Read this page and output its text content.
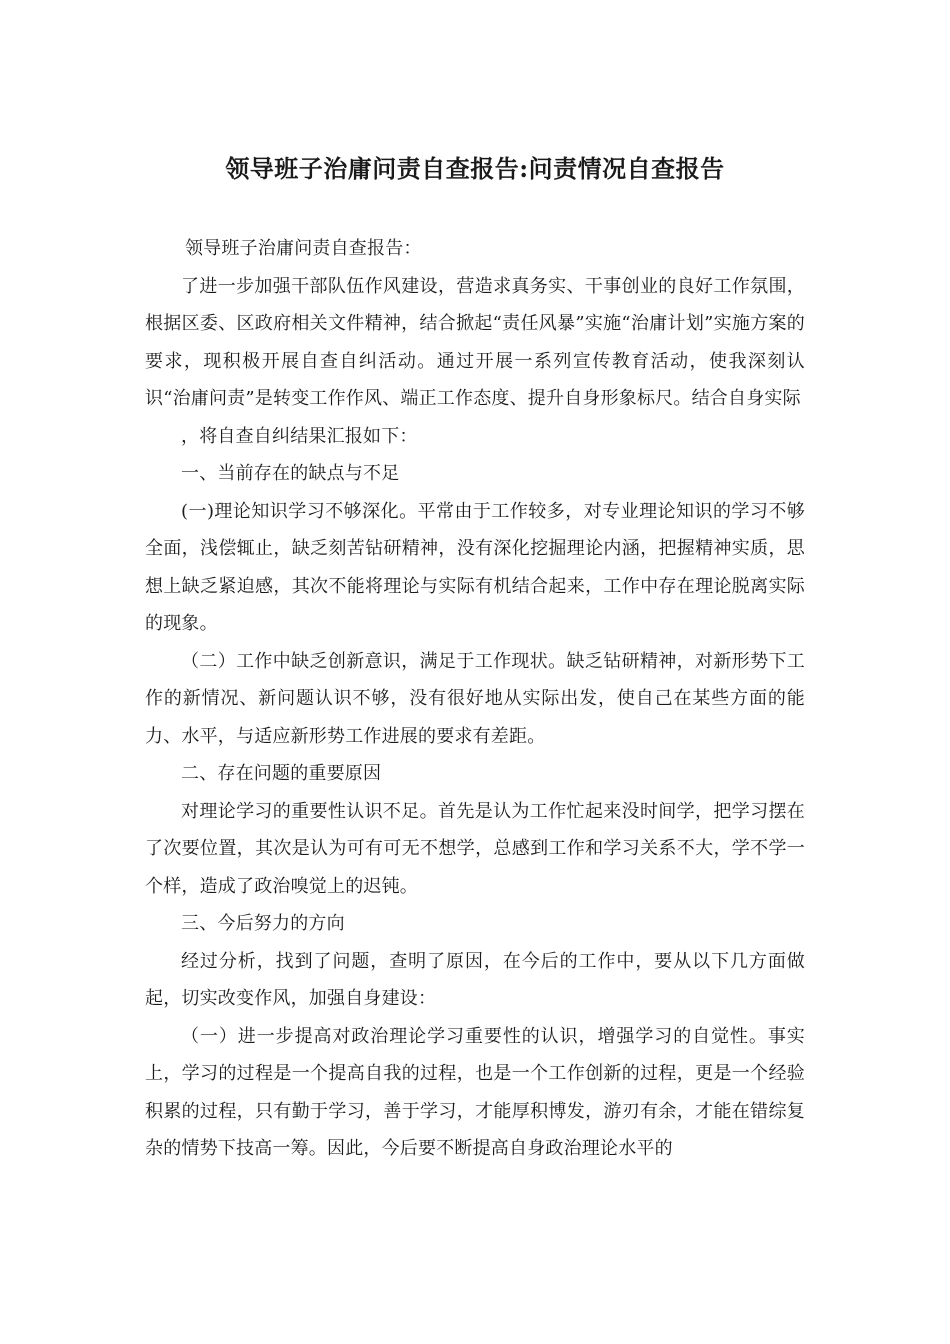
领导班子治庸问责自查报告:问责情况自查报告

领导班子治庸问责自查报告：

了进一步加强干部队伍作风建设，营造求真务实、干事创业的良好工作氛围，根据区委、区政府相关文件精神，结合掀起“责任风暴”实施“治庸计划”实施方案的要求，现积极开展自查自纠活动。通过开展一系列宣传教育活动，使我深刻认识“治庸问责”是转变工作作风、端正工作态度、提升自身形象标尺。结合自身实际

，将自查自纠结果汇报如下：

一、当前存在的缺点与不足

(一)理论知识学习不够深化。平常由于工作较多，对专业理论知识的学习不够全面，浅偿辄止，缺乏刻苦钻研精神，没有深化挖掘理论内涵，把握精神实质，思想上缺乏紧迫感，其次不能将理论与实际有机结合起来，工作中存在理论脱离实际的现象。

（二）工作中缺乏创新意识，满足于工作现状。缺乏钻研精神，对新形势下工作的新情况、新问题认识不够，没有很好地从实际出发，使自己在某些方面的能力、水平，与适应新形势工作进展的要求有差距。

二、存在问题的重要原因

对理论学习的重要性认识不足。首先是认为工作忙起来没时间学，把学习摆在了次要位置，其次是认为可有可无不想学，总感到工作和学习关系不大，学不学一个样，造成了政治嗅觉上的迟钝。

三、今后努力的方向

经过分析，找到了问题，查明了原因，在今后的工作中，要从以下几方面做起，切实改变作风，加强自身建设：

（一）进一步提高对政治理论学习重要性的认识，增强学习的自觉性。事实上，学习的过程是一个提高自我的过程，也是一个工作创新的过程，更是一个经验积累的过程，只有勤于学习，善于学习，才能厚积博发，游刃有余，才能在错综复杂的情势下技高一筹。因此，今后要不断提高自身政治理论水平的
